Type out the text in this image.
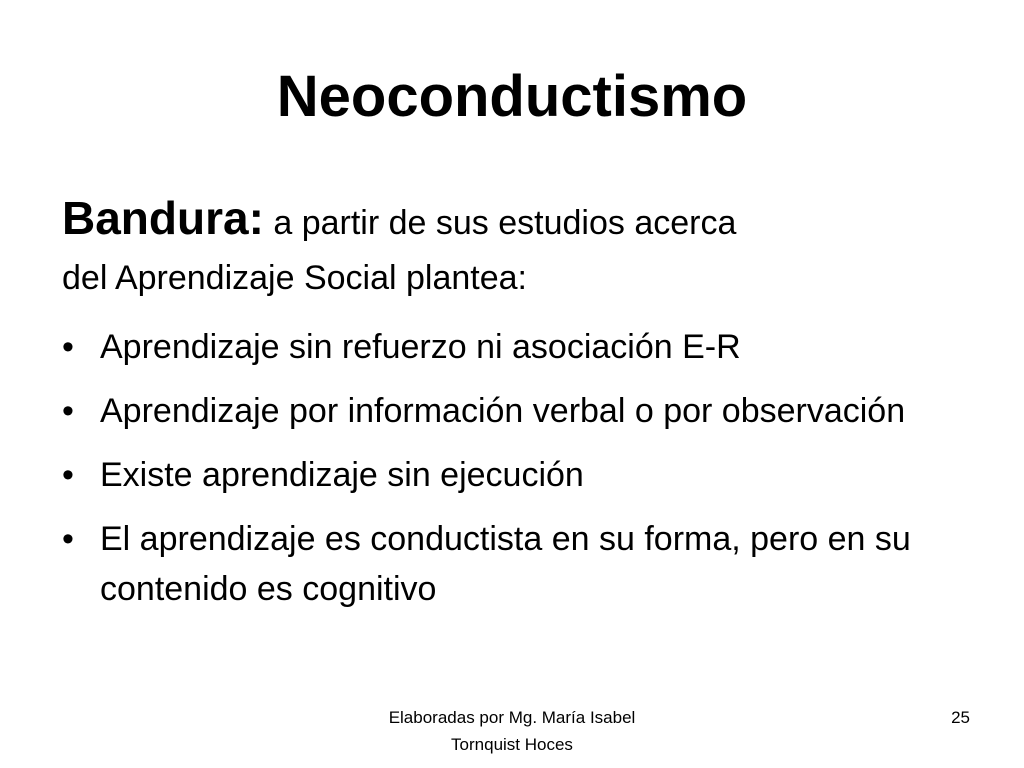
Neoconductismo
Bandura: a partir de sus estudios acerca
del Aprendizaje Social plantea:
• Aprendizaje sin refuerzo ni asociación E-R
• Aprendizaje por información verbal o por observación
• Existe aprendizaje sin ejecución
• El aprendizaje es conductista en su forma, pero en su contenido es cognitivo
Elaboradas por Mg. María Isabel
Tornquist Hoces
25
